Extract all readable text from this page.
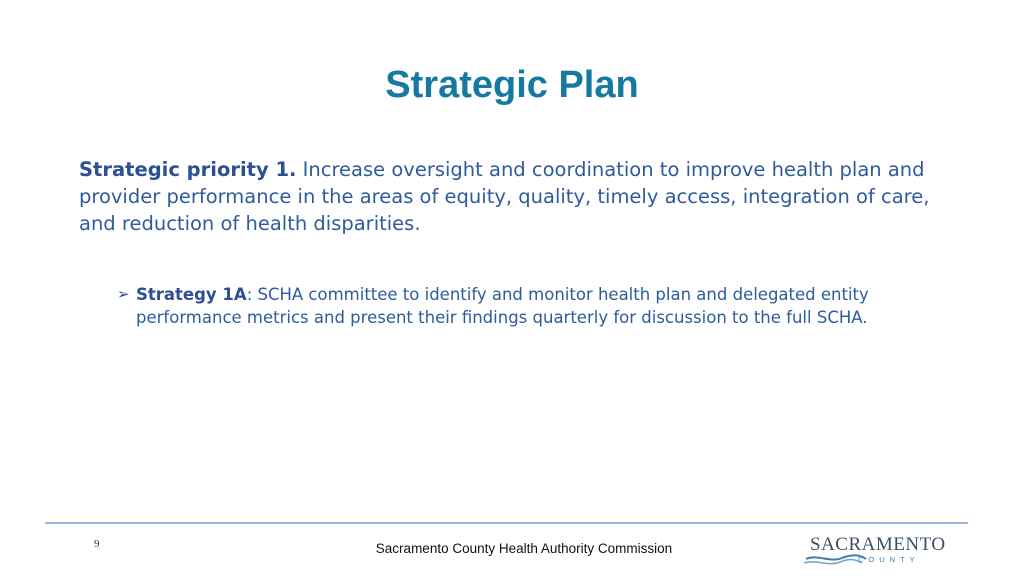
Strategic Plan

Strategic priority 1. Increase oversight and coordination to improve health plan and provider performance in the areas of equity, quality, timely access, integration of care, and reduction of health disparities.

➢ Strategy 1A: SCHA committee to identify and monitor health plan and delegated entity performance metrics and present their findings quarterly for discussion to the full SCHA.
9	Sacramento County Health Authority Commission	SACRAMENTO
COUNTY
